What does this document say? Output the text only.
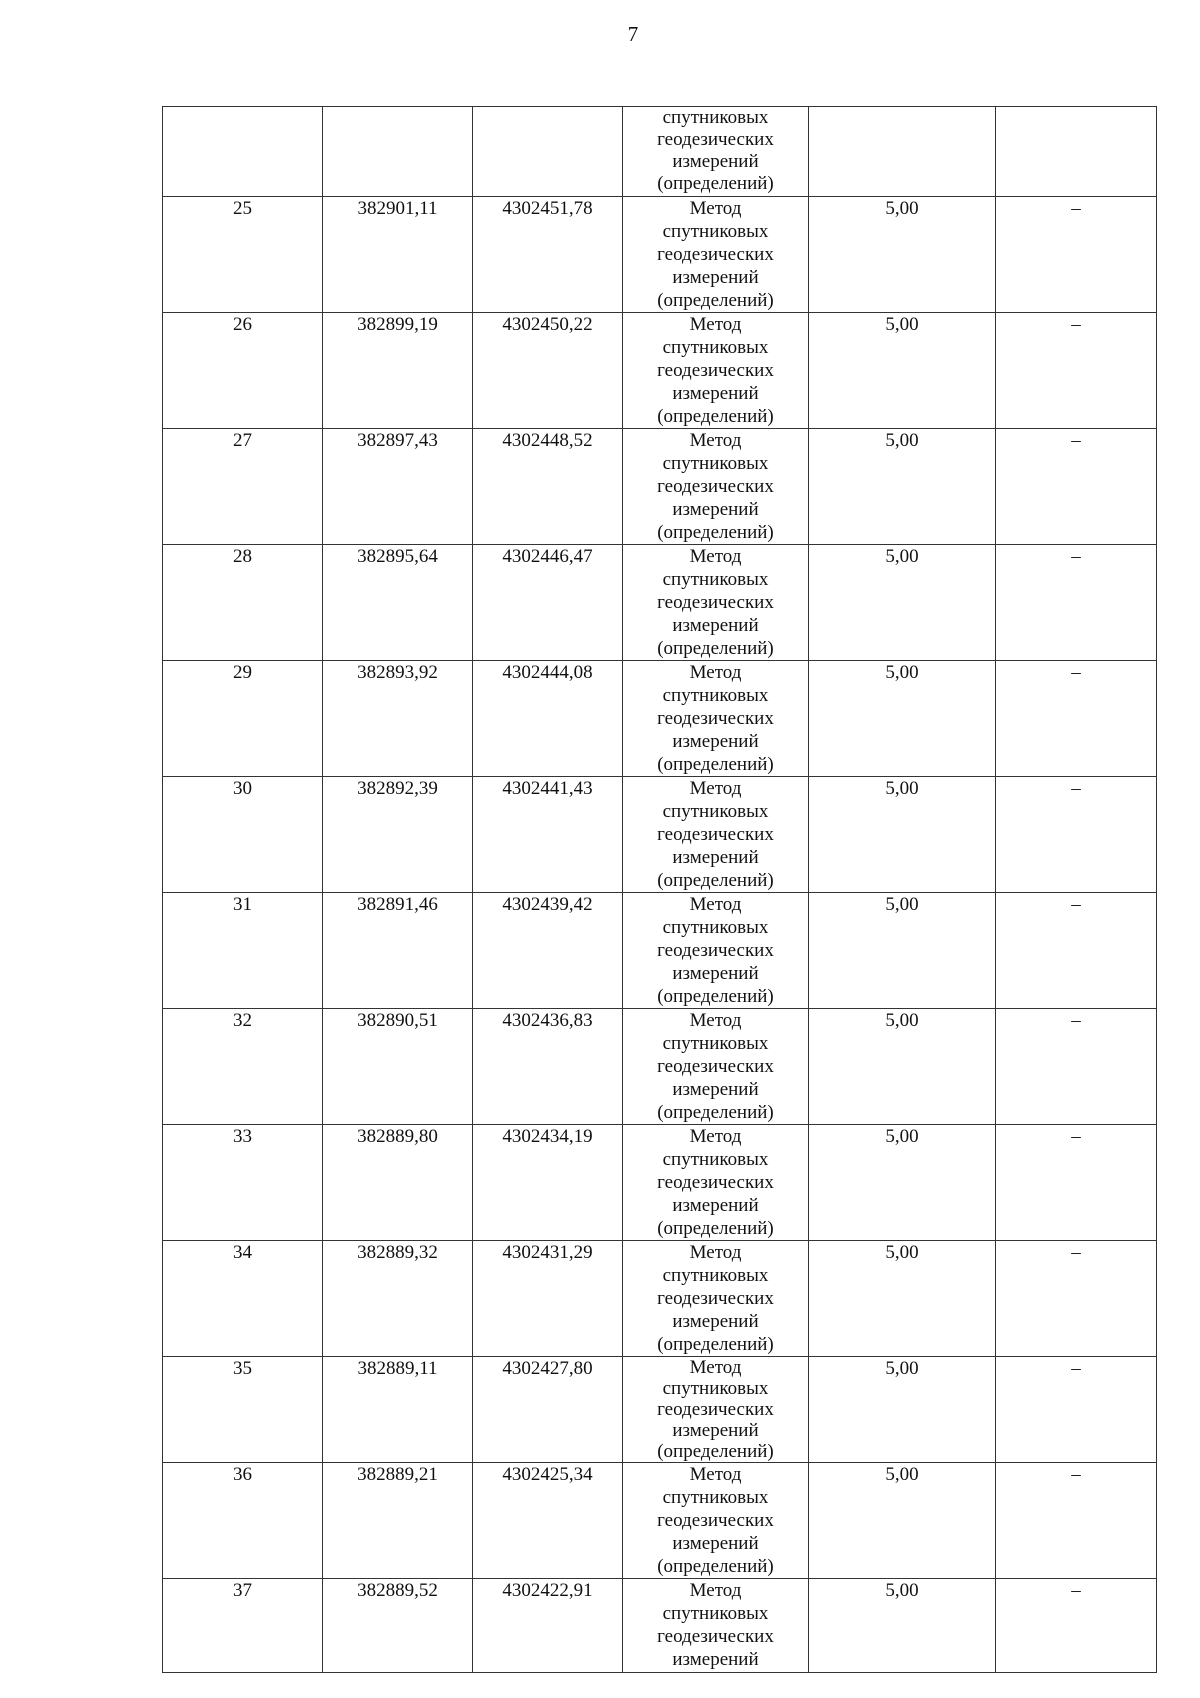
7

			спутниковых
геодезических
измерений
(определений)		

25	382901,11	4302451,78	Метод
спутниковых
геодезических
измерений
(определений)	5,00	–
26	382899,19	4302450,22	Метод
спутниковых
геодезических
измерений
(определений)	5,00	–
27	382897,43	4302448,52	Метод
спутниковых
геодезических
измерений
(определений)	5,00	–
28	382895,64	4302446,47	Метод
спутниковых
геодезических
измерений
(определений)	5,00	–
29	382893,92	4302444,08	Метод
спутниковых
геодезических
измерений
(определений)	5,00	–
30	382892,39	4302441,43	Метод
спутниковых
геодезических
измерений
(определений)	5,00	–
31	382891,46	4302439,42	Метод
спутниковых
геодезических
измерений
(определений)	5,00	–
32	382890,51	4302436,83	Метод
спутниковых
геодезических
измерений
(определений)	5,00	–
33	382889,80	4302434,19	Метод
спутниковых
геодезических
измерений
(определений)	5,00	–
34	382889,32	4302431,29	Метод
спутниковых
геодезических
измерений
(определений)	5,00	–
35	382889,11	4302427,80	Метод
спутниковых
геодезических
измерений
(определений)	5,00	–
36	382889,21	4302425,34	Метод
спутниковых
геодезических
измерений
(определений)	5,00	–
37	382889,52	4302422,91	Метод
спутниковых
геодезических
измерений	5,00	–
